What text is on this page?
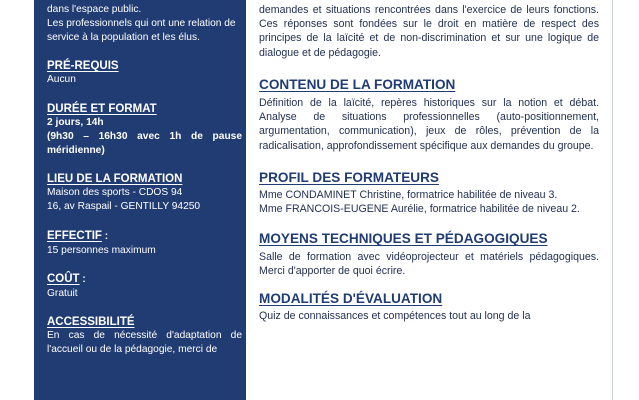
dans l'espace public.

Les professionnels qui ont une relation de service à la population et les élus.

PRÉ-REQUIS

Aucun

DURÉE ET FORMAT

2 jours, 14h

(9h30 – 16h30 avec 1h de pause méridienne)

LIEU DE LA FORMATION

Maison des sports - CDOS 94

16, av Raspail - GENTILLY 94250

EFFECTIF :

15 personnes maximum

COÛT :

Gratuit

ACCESSIBILITÉ

En cas de nécessité d'adaptation de l'accueil ou de la pédagogie, merci de

demandes et situations rencontrées dans l'exercice de leurs fonctions. Ces réponses sont fondées sur le droit en matière de respect des principes de la laïcité et de non-discrimination et sur une logique de dialogue et de pédagogie.

CONTENU DE LA FORMATION

Définition de la laïcité, repères historiques sur la notion et débat. Analyse de situations professionnelles (auto-positionnement, argumentation, communication), jeux de rôles, prévention de la radicalisation, approfondissement spécifique aux demandes du groupe.

PROFIL DES FORMATEURS

Mme CONDAMINET Christine, formatrice habilitée de niveau 3.

Mme FRANCOIS-EUGENE Aurélie, formatrice habilitée de niveau 2.

MOYENS TECHNIQUES ET PÉDAGOGIQUES

Salle de formation avec vidéoprojecteur et matériels pédagogiques. Merci d'apporter de quoi écrire.

MODALITÉS D'ÉVALUATION

Quiz de connaissances et compétences tout au long de la
